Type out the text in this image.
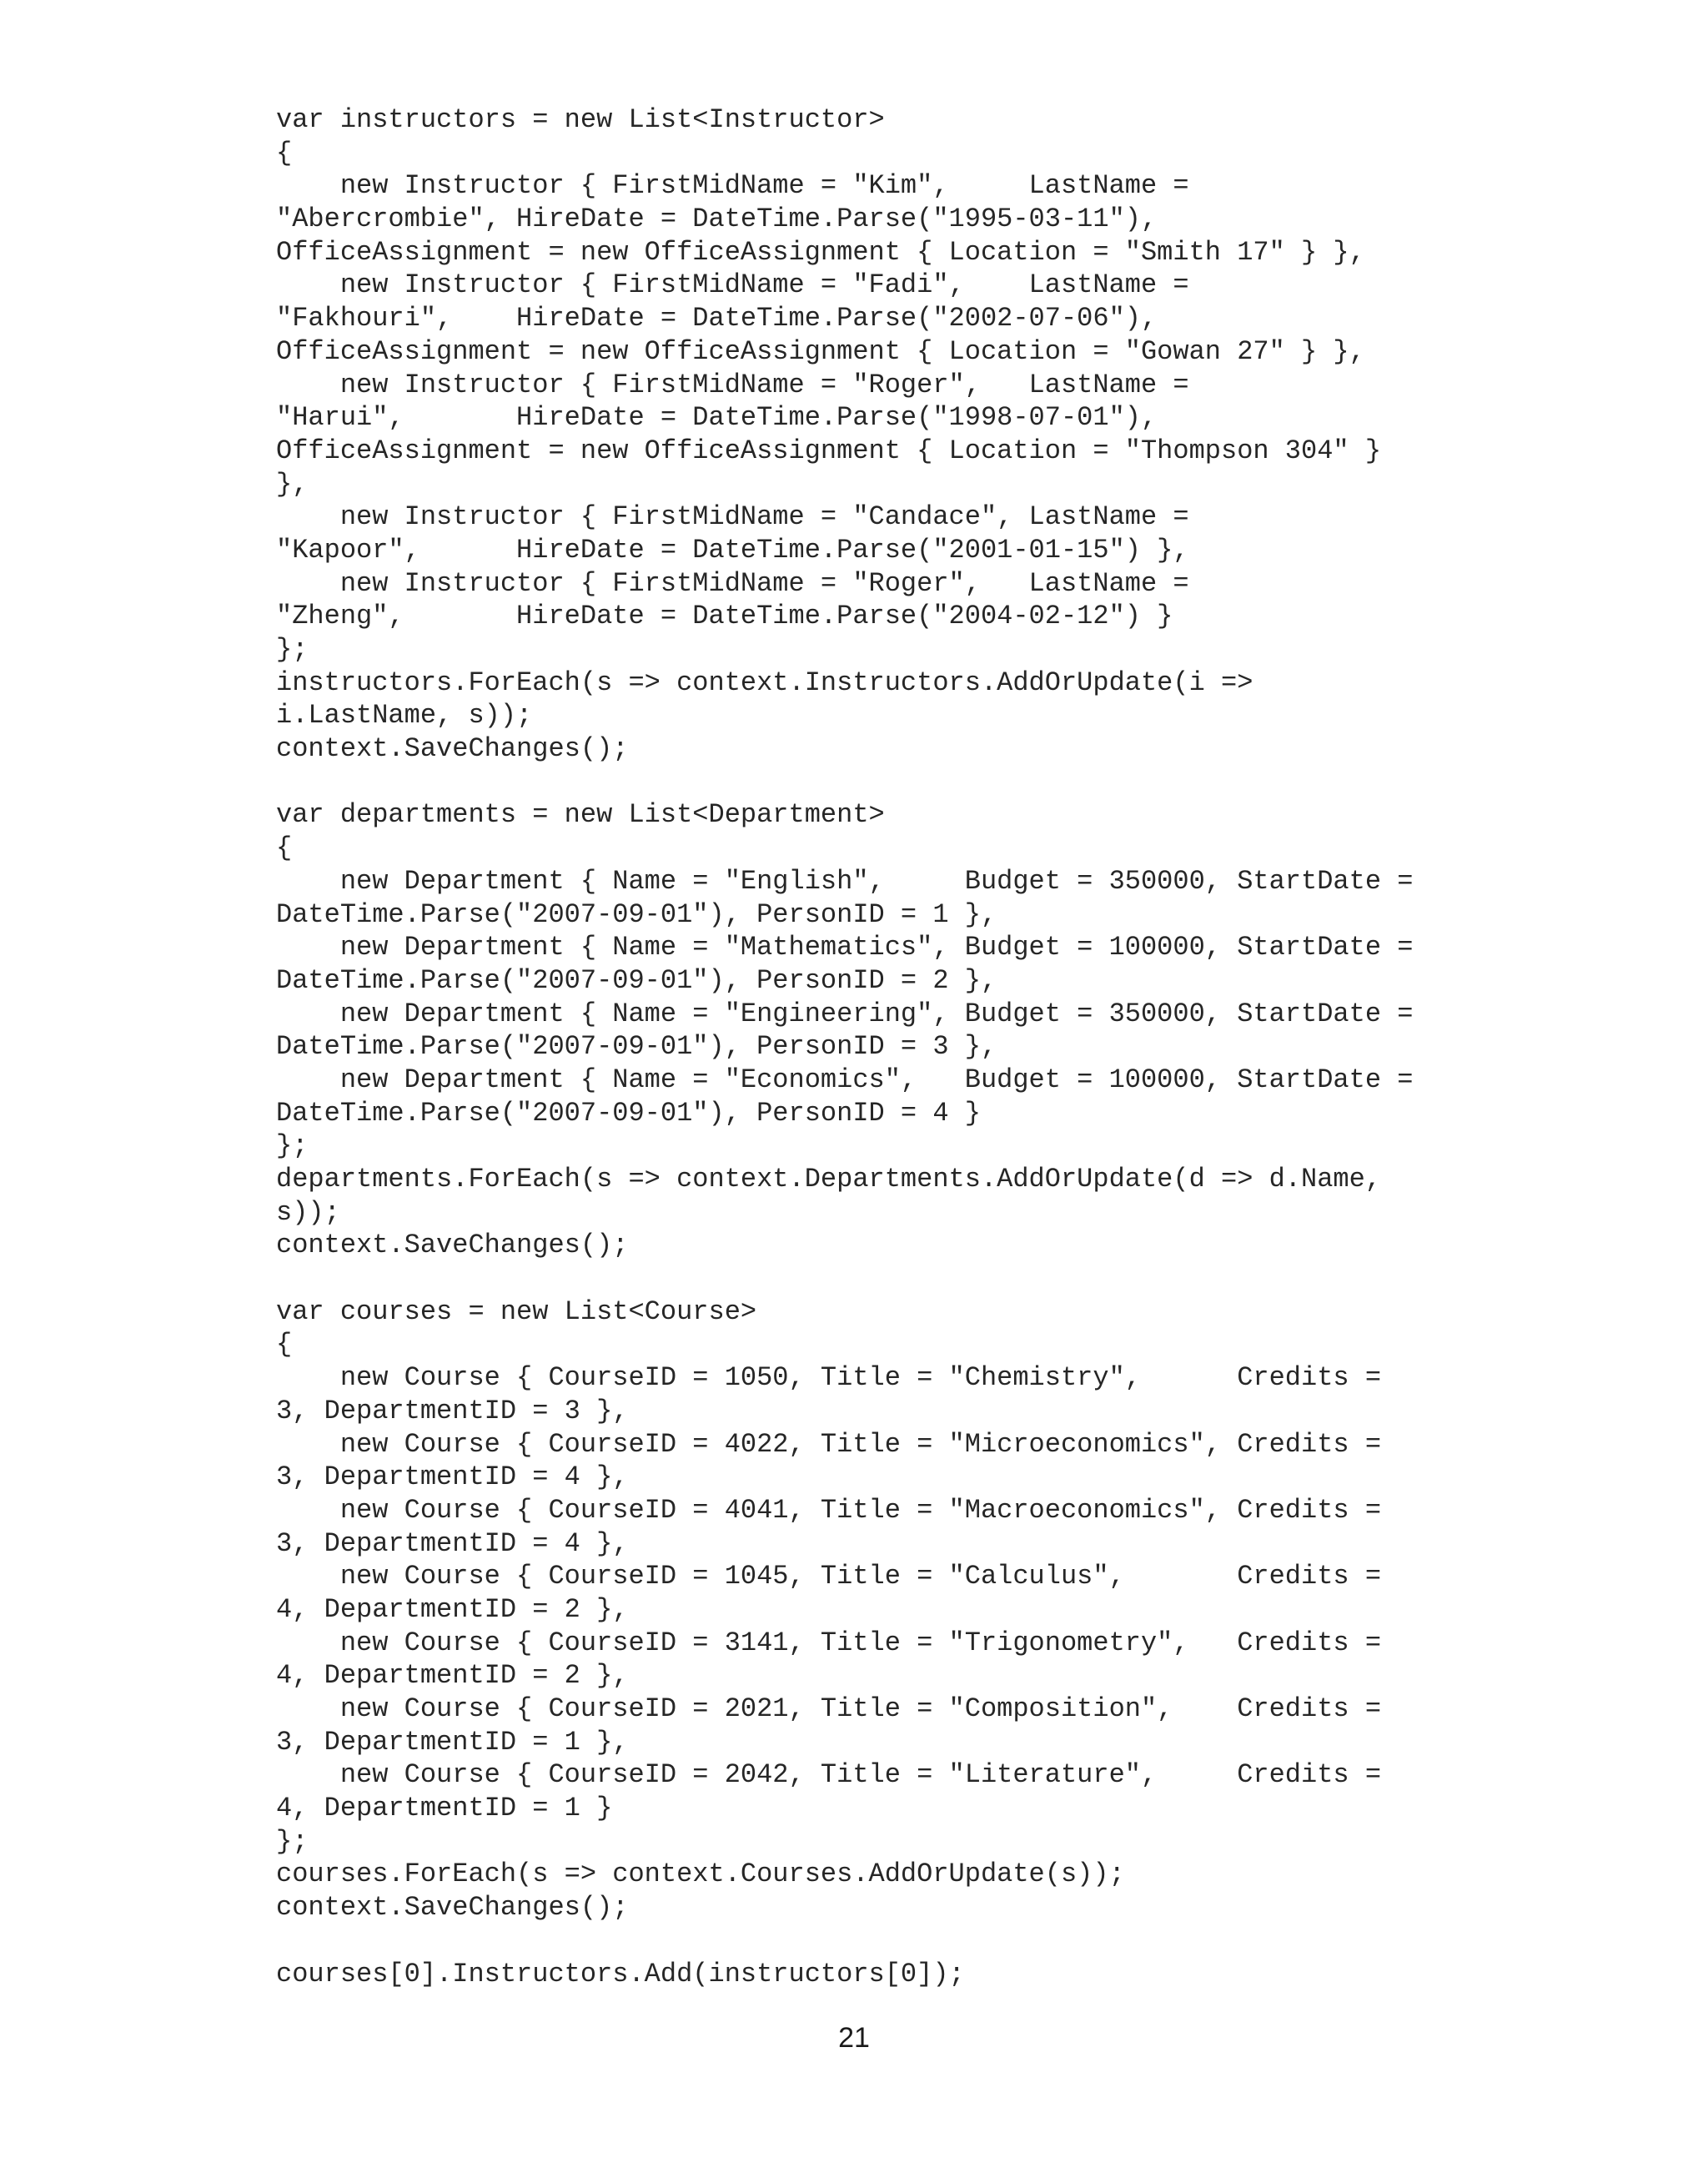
var instructors = new List<Instructor>
{
new Instructor { FirstMidName = "Kim",     LastName =
"Abercrombie", HireDate = DateTime.Parse("1995-03-11"),
OfficeAssignment = new OfficeAssignment { Location = "Smith 17" } },
new Instructor { FirstMidName = "Fadi",    LastName =
"Fakhouri",    HireDate = DateTime.Parse("2002-07-06"),
OfficeAssignment = new OfficeAssignment { Location = "Gowan 27" } },
new Instructor { FirstMidName = "Roger",   LastName =
"Harui",       HireDate = DateTime.Parse("1998-07-01"),
OfficeAssignment = new OfficeAssignment { Location = "Thompson 304" }
},
new Instructor { FirstMidName = "Candace", LastName =
"Kapoor",      HireDate = DateTime.Parse("2001-01-15") },
new Instructor { FirstMidName = "Roger",   LastName =
"Zheng",       HireDate = DateTime.Parse("2004-02-12") }
};
instructors.ForEach(s => context.Instructors.AddOrUpdate(i =>
i.LastName, s));
context.SaveChanges();
var departments = new List<Department>
{
new Department { Name = "English",     Budget = 350000, StartDate =
DateTime.Parse("2007-09-01"), PersonID = 1 },
new Department { Name = "Mathematics", Budget = 100000, StartDate =
DateTime.Parse("2007-09-01"), PersonID = 2 },
new Department { Name = "Engineering", Budget = 350000, StartDate =
DateTime.Parse("2007-09-01"), PersonID = 3 },
new Department { Name = "Economics",   Budget = 100000, StartDate =
DateTime.Parse("2007-09-01"), PersonID = 4 }
};
departments.ForEach(s => context.Departments.AddOrUpdate(d => d.Name,
s));
context.SaveChanges();
var courses = new List<Course>
{
new Course { CourseID = 1050, Title = "Chemistry",      Credits =
3, DepartmentID = 3 },
new Course { CourseID = 4022, Title = "Microeconomics", Credits =
3, DepartmentID = 4 },
new Course { CourseID = 4041, Title = "Macroeconomics", Credits =
3, DepartmentID = 4 },
new Course { CourseID = 1045, Title = "Calculus",       Credits =
4, DepartmentID = 2 },
new Course { CourseID = 3141, Title = "Trigonometry",   Credits =
4, DepartmentID = 2 },
new Course { CourseID = 2021, Title = "Composition",    Credits =
3, DepartmentID = 1 },
new Course { CourseID = 2042, Title = "Literature",     Credits =
4, DepartmentID = 1 }
};
courses.ForEach(s => context.Courses.AddOrUpdate(s));
context.SaveChanges();
courses[0].Instructors.Add(instructors[0]);
21
